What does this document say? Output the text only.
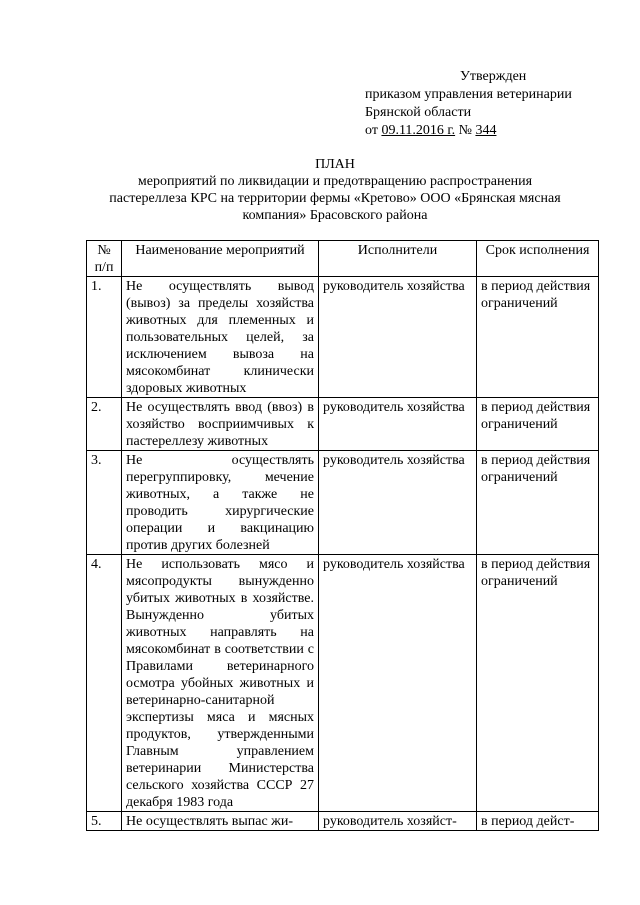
Утвержден
приказом управления ветеринарии
Брянской области
от 09.11.2016 г. № 344
ПЛАН
мероприятий по ликвидации и предотвращению распространения
пастереллеза КРС на территории фермы «Кретово» ООО «Брянская мясная
компания» Брасовского района
№ п/п	Наименование мероприятий	Исполнители	Срок исполнения
1.	Не осуществлять вывод (вывоз) за пределы хозяйства животных для племенных и пользовательных целей, за исключением вывоза на мясокомбинат клинически здоровых животных	руководитель хозяйства	в период действия ограничений
2.	Не осуществлять ввод (ввоз) в хозяйство восприимчивых к пастереллезу животных	руководитель хозяйства	в период действия ограничений
3.	Не осуществлять перегруппировку, мечение животных, а также не проводить хирургические операции и вакцинацию против других болезней	руководитель хозяйства	в период действия ограничений
4.	Не использовать мясо и мясопродукты вынужденно убитых животных в хозяйстве. Вынужденно убитых животных направлять на мясокомбинат в соответствии с Правилами ветеринарного осмотра убойных животных и ветеринарно-санитарной экспертизы мяса и мясных продуктов, утвержденными Главным управлением ветеринарии Министерства сельского хозяйства СССР 27 декабря 1983 года	руководитель хозяйства	в период действия ограничений
5.	Не осуществлять выпас жи-	руководитель хозяйст-	в период дейст-
